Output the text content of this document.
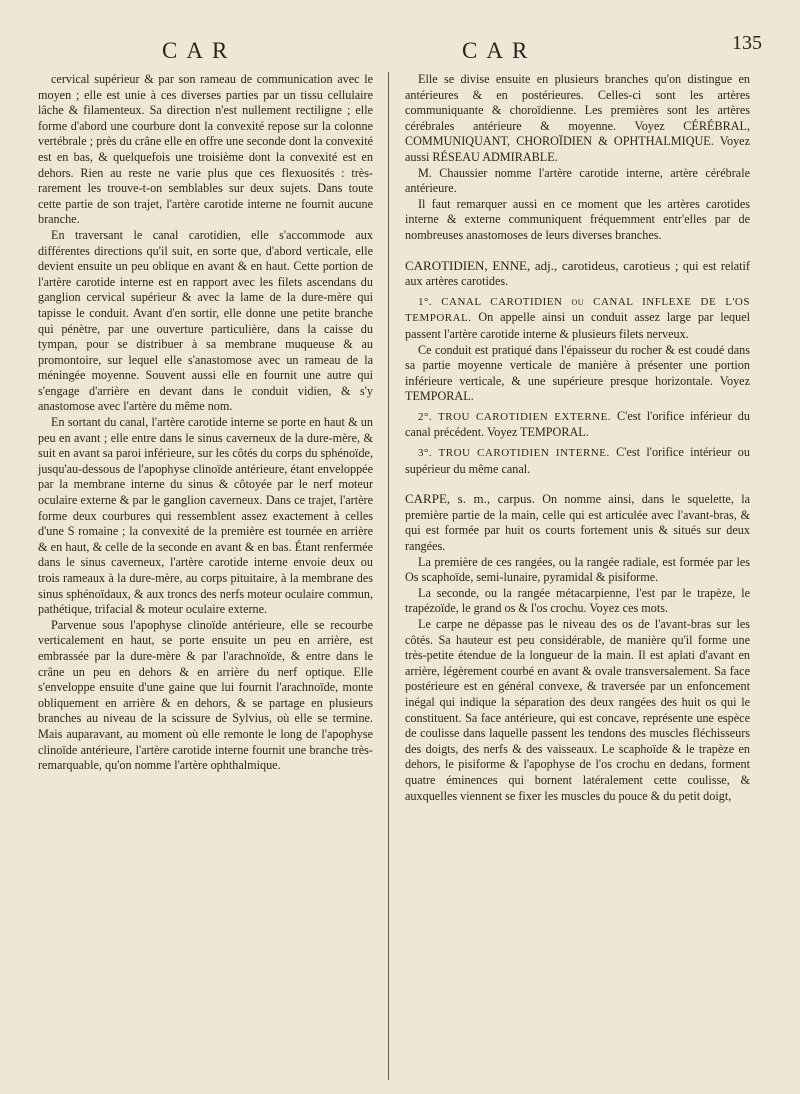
CAR	CAR	135

cervical supérieur & par son rameau de communication avec le moyen ; elle est unie à ces diverses parties par un tissu cellulaire lâche & filamenteux. Sa direction n'est nullement rectiligne ; elle forme d'abord une courbure dont la convexité repose sur la colonne vertébrale ; près du crâne elle en offre une seconde dont la convexité est en bas, & quelquefois une troisième dont la convexité est en dehors. Rien au reste ne varie plus que ces flexuosités : très-rarement les trouve-t-on semblables sur deux sujets. Dans toute cette partie de son trajet, l'artère carotide interne ne fournit aucune branche.

En traversant le canal carotidien, elle s'accommode aux différentes directions qu'il suit, en sorte que, d'abord verticale, elle devient ensuite un peu oblique en avant & en haut. Cette portion de l'artère carotide interne est en rapport avec les filets ascendans du ganglion cervical supérieur & avec la lame de la dure-mère qui tapisse le conduit. Avant d'en sortir, elle donne une petite branche qui pénètre, par une ouverture particulière, dans la caisse du tympan, pour se distribuer à sa membrane muqueuse & au promontoire, sur lequel elle s'anastomose avec un rameau de la méningée moyenne. Souvent aussi elle en fournit une autre qui s'engage d'arrière en devant dans le conduit vidien, & s'y anastomose avec l'artère du même nom.

En sortant du canal, l'artère carotide interne se porte en haut & un peu en avant ; elle entre dans le sinus caverneux de la dure-mère, & suit en avant sa paroi inférieure, sur les côtés du corps du sphénoïde, jusqu'au-dessous de l'apophyse clinoïde antérieure, étant enveloppée par la membrane interne du sinus & côtoyée par le nerf moteur oculaire externe & par le ganglion caverneux. Dans ce trajet, l'artère forme deux courbures qui ressemblent assez exactement à celles d'une S romaine ; la convexité de la première est tournée en arrière & en haut, & celle de la seconde en avant & en bas. Étant renfermée dans le sinus caverneux, l'artère carotide interne envoie deux ou trois rameaux à la dure-mère, au corps pituitaire, à la membrane des sinus sphénoïdaux, & aux troncs des nerfs moteur oculaire commun, pathétique, trifacial & moteur oculaire externe.

Parvenue sous l'apophyse clinoïde antérieure, elle se recourbe verticalement en haut, se porte ensuite un peu en arrière, est embrassée par la dure-mère & par l'arachnoïde, & entre dans le crâne un peu en dehors & en arrière du nerf optique. Elle s'enveloppe ensuite d'une gaine que lui fournit l'arachnoïde, monte obliquement en arrière & en dehors, & se partage en plusieurs branches au niveau de la scissure de Sylvius, où elle se termine. Mais auparavant, au moment où elle remonte le long de l'apophyse clinoïde antérieure, l'artère carotide interne fournit une branche très-remarquable, qu'on nomme l'artère ophthalmique.

Elle se divise ensuite en plusieurs branches qu'on distingue en antérieures & en postérieures. Celles-ci sont les artères communiquante & choroïdienne. Les premières sont les artères cérébrales antérieure & moyenne. Voyez CÉRÉBRAL, COMMUNIQUANT, CHOROÏDIEN & OPHTHALMIQUE. Voyez aussi RÉSEAU ADMIRABLE.

M. Chaussier nomme l'artère carotide interne, artère cérébrale antérieure.

Il faut remarquer aussi en ce moment que les artères carotides interne & externe communiquent fréquemment entr'elles par de nombreuses anastomoses de leurs diverses branches.

CAROTIDIEN, ENNE, adj., carotideus, carotieus ; qui est relatif aux artères carotides.

1°. CANAL CAROTIDIEN ou CANAL INFLEXE DE L'OS TEMPORAL. On appelle ainsi un conduit assez large par lequel passent l'artère carotide interne & plusieurs filets nerveux.

Ce conduit est pratiqué dans l'épaisseur du rocher & est coudé dans sa partie moyenne verticale de manière à présenter une portion inférieure verticale, & une supérieure presque horizontale. Voyez TEMPORAL.

2°. TROU CAROTIDIEN EXTERNE. C'est l'orifice inférieur du canal précédent. Voyez TEMPORAL.

3°. TROU CAROTIDIEN INTERNE. C'est l'orifice intérieur ou supérieur du même canal.

CARPE, s. m., carpus. On nomme ainsi, dans le squelette, la première partie de la main, celle qui est articulée avec l'avant-bras, & qui est formée par huit os courts fortement unis & situés sur deux rangées.

La première de ces rangées, ou la rangée radiale, est formée par les Os scaphoïde, semi-lunaire, pyramidal & pisiforme.

La seconde, ou la rangée métacarpienne, l'est par le trapèze, le trapézoïde, le grand os & l'os crochu. Voyez ces mots.

Le carpe ne dépasse pas le niveau des os de l'avant-bras sur les côtés. Sa hauteur est peu considérable, de manière qu'il forme une très-petite étendue de la longueur de la main. Il est aplati d'avant en arrière, légèrement courbé en avant & ovale transversalement. Sa face postérieure est en général convexe, & traversée par un enfoncement inégal qui indique la séparation des deux rangées des huit os qui le constituent. Sa face antérieure, qui est concave, représente une espèce de coulisse dans laquelle passent les tendons des muscles fléchisseurs des doigts, des nerfs & des vaisseaux. Le scaphoïde & le trapèze en dehors, le pisiforme & l'apophyse de l'os crochu en dedans, forment quatre éminences qui bornent latéralement cette coulisse, & auxquelles viennent se fixer les muscles du pouce & du petit doigt,
